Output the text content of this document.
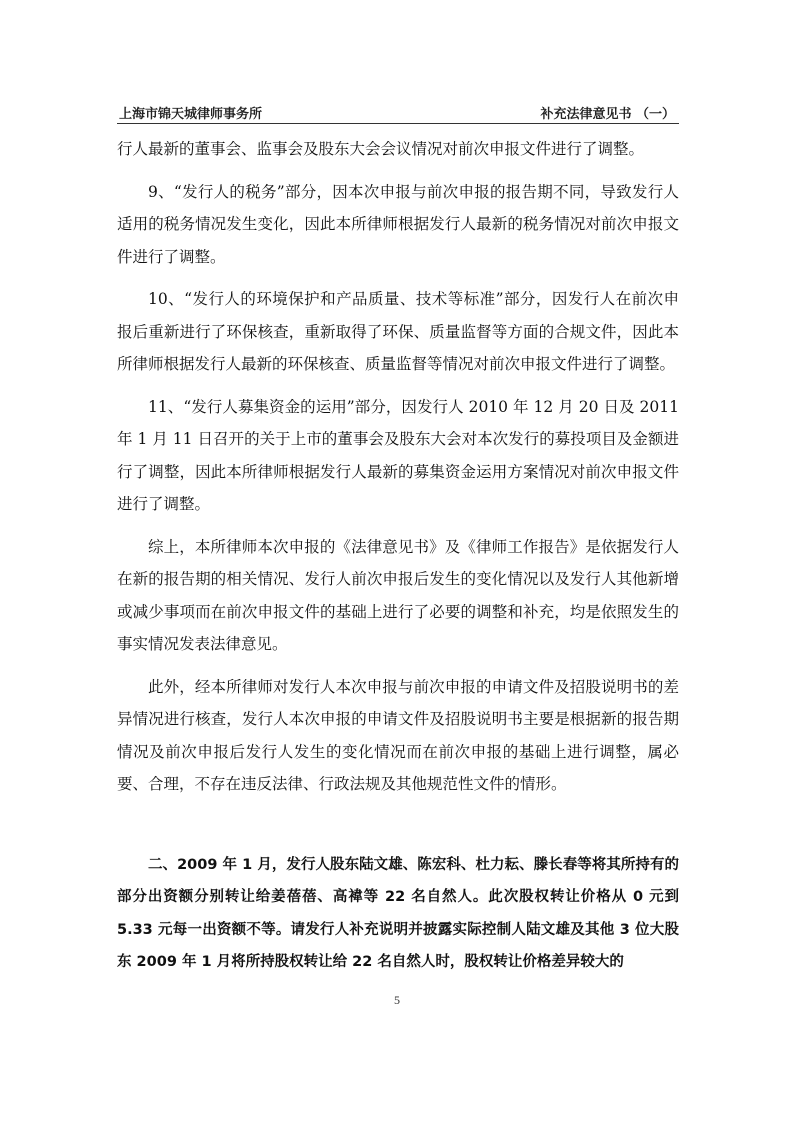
上海市锦天城律师事务所	补充法律意见书 （一）

行人最新的董事会、监事会及股东大会会议情况对前次申报文件进行了调整。

9、“发行人的税务”部分，因本次申报与前次申报的报告期不同，导致发行人适用的税务情况发生变化，因此本所律师根据发行人最新的税务情况对前次申报文件进行了调整。

10、“发行人的环境保护和产品质量、技术等标准”部分，因发行人在前次申报后重新进行了环保核查，重新取得了环保、质量监督等方面的合规文件，因此本所律师根据发行人最新的环保核查、质量监督等情况对前次申报文件进行了调整。

11、“发行人募集资金的运用”部分，因发行人 2010 年 12 月 20 日及 2011 年 1 月 11 日召开的关于上市的董事会及股东大会对本次发行的募投项目及金额进行了调整，因此本所律师根据发行人最新的募集资金运用方案情况对前次申报文件进行了调整。

综上，本所律师本次申报的《法律意见书》及《律师工作报告》是依据发行人在新的报告期的相关情况、发行人前次申报后发生的变化情况以及发行人其他新增或减少事项而在前次申报文件的基础上进行了必要的调整和补充，均是依照发生的事实情况发表法律意见。

此外，经本所律师对发行人本次申报与前次申报的申请文件及招股说明书的差异情况进行核查，发行人本次申报的申请文件及招股说明书主要是根据新的报告期情况及前次申报后发行人发生的变化情况而在前次申报的基础上进行调整，属必要、合理，不存在违反法律、行政法规及其他规范性文件的情形。

二、2009 年 1 月，发行人股东陆文雄、陈宏科、杜力耘、滕长春等将其所持有的部分出资额分别转让给姜蓓蓓、高褘等 22 名自然人。此次股权转让价格从 0 元到 5.33 元每一出资额不等。请发行人补充说明并披露实际控制人陆文雄及其他 3 位大股东 2009 年 1 月将所持股权转让给 22 名自然人时，股权转让价格差异较大的

5
